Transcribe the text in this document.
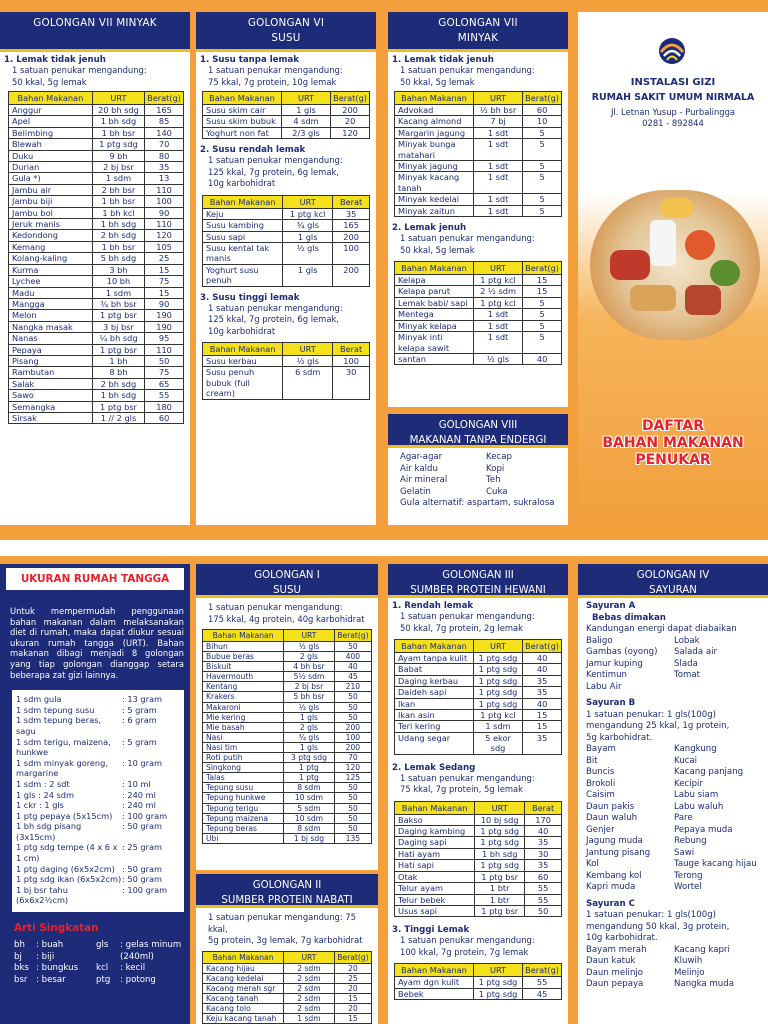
GOLONGAN VII MINYAK
1. Lemak tidak jenuh
1 satuan penukar mengandung:
50 kkal, 5g lemak
Bahan Makanan	URT	Berat(g)
Anggur	20 bh sdg	165
Apel	1 bh sdg	85
Belimbing	1 bh bsr	140
Blewah	1 ptg sdg	70
Duku	9 bh	80
Durian	2 bj bsr	35
Gula *)	1 sdm	13
Jambu air	2 bh bsr	110
Jambu biji	1 bh bsr	100
Jambu bol	1 bh kcl	90
Jeruk manis	1 bh sdg	110
Kedondong	2 bh sdg	120
Kemang	1 bh bsr	105
Kolang-kaling	5 bh sdg	25
Kurma	3 bh	15
Lychee	10 bh	75
Madu	1 sdm	15
Mangga	¾ bh bsr	90
Melon	1 ptg bsr	190
Nangka masak	3 bj bsr	190
Nanas	¼ bh sdg	95
Pepaya	1 ptg bsr	110
Pisang	1 bh	50
Rambutan	8 bh	75
Salak	2 bh sdg	65
Sawo	1 bh sdg	55
Semangka	1 ptg bsr	180
Sirsak	1 // 2 gls	60
GOLONGAN VI SUSU
1. Susu tanpa lemak
1 satuan penukar mengandung:
75 kkal, 7g protein, 10g lemak
Bahan Makanan	URT	Berat(g)
Susu skim cair	1 gls	200
Susu skim bubuk	4 sdm	20
Yoghurt non fat	2/3 gls	120
2. Susu rendah lemak
1 satuan penukar mengandung:
125 kkal, 7g protein, 6g lemak,
10g karbohidrat
Bahan Makanan	URT	Berat
Keju	1 ptg kcl	35
Susu kambing	¾ gls	165
Susu sapi	1 gls	200
Susu kental tak manis	½ gls	100
Yoghurt susu penuh	1 gls	200
3. Susu tinggi lemak
1 satuan penukar mengandung:
125 kkal, 7g protein, 6g lemak,
10g karbohidrat
Bahan Makanan	URT	Berat
Susu kerbau	½ gls	100
Susu penuh bubuk (full cream)	6 sdm	30
GOLONGAN VII MINYAK
1. Lemak tidak jenuh
1 satuan penukar mengandung:
50 kkal, 5g lemak
Bahan Makanan	URT	Berat(g)
Advokad	½ bh bsr	60
Kacang almond	7 bj	10
Margarin jagung	1 sdt	5
Minyak bunga matahari	1 sdt	5
Minyak jagung	1 sdt	5
Minyak kacang tanah	1 sdt	5
Minyak kedelai	1 sdt	5
Minyak zaitun	1 sdt	5
2. Lemak jenuh
1 satuan penukar mengandung:
50 kkal, 5g lemak
Bahan Makanan	URT	Berat(g)
Kelapa	1 ptg kcl	15
Kelapa parut	2 ½ sdm	15
Lemak babi/ sapi	1 ptg kcl	5
Mentega	1 sdt	5
Minyak kelapa	1 sdt	5
Minyak inti kelapa sawit	1 sdt	5
santan	½ gls	40
GOLONGAN VIII
MAKANAN TANPA ENDERGI
Agar-agar
Air kaldu
Air mineral
Gelatin
Kecap
Kopi
Teh
Cuka
Gula alternatif: aspartam, sukralosa
INSTALASI GIZI
RUMAH SAKIT UMUM NIRMALA
Jl. Letnan Yusup - Purbalingga
0281 - 892844
DAFTAR
BAHAN MAKANAN
PENUKAR
UKURAN RUMAH TANGGA
Untuk mempermudah penggunaan bahan makanan dalam melaksanakan diet di rumah, maka dapat diukur sesuai ukuran rumah tangga (URT). Bahan makanan dibagi menjadi 8 golongan yang tiap golongan dianggap setara beberapa zat gizi lainnya.
1 sdm gula	: 13 gram
1 sdm tepung susu	: 5 gram
1 sdm tepung beras, sagu
: 6 gram
1 sdm terigu, maizena, hunkwe
: 5 gram
1 sdm minyak goreng, margarine
: 10 gram
1 sdm : 2 sdt	: 10 ml
1 gls : 24 sdm	: 240 ml
1 ckr : 1 gls	: 240 ml
1 ptg pepaya (5x15cm)	: 100 gram
1 bh sdg pisang (3x15cm)
: 50 gram
1 ptg sdg tempe (4 x 6 x 1 cm)
: 25 gram
1 ptg daging (6x5x2cm) : 50 gram
1 ptg sdg ikan (6x5x2cm) : 50 gram
1 bj bsr tahu (6x6x2½cm)
: 100 gram
Arti Singkatan
bh	: buah	gls	: gelas minum
bj	: biji	(240ml)
bks : bungkus	kcl	: kecil
bsr : besar	ptg	: potong
GOLONGAN I
SUSU
1 satuan penukar mengandung:
175 kkal, 4g protein, 40g karbohidrat
Bahan Makanan	URT	Berat(g)
Bihun	½ gls	50
Bubue beras	2 gls	400
Biskuit	4 bh bsr	40
Havermouth	5½ sdm	45
Kentang	2 bj bsr	210
Krakers	5 bh bsr	50
Makaroni	½ gls	50
Mie kering	1 gls	50
Mie basah	2 gls	200
Nasi	¾ gls	100
Nasi tim	1 gls	200
Roti putih	3 ptg sdg	70
Singkong	1 ptg	120
Talas	1 ptg	125
Tepung susu	8 sdm	50
Tepung hunkwe	10 sdm	50
Tepung terigu	5 sdm	50
Tepung maizena	10 sdm	50
Tepung beras	8 sdm	50
Ubi	1 bj sdg	135
GOLONGAN II
SUMBER PROTEIN NABATI
1 satuan penukar mengandung: 75 kkal,
5g protein, 3g lemak, 7g karbohidrat
Bahan Makanan	URT	Berat(g)
Kacang hijau	2 sdm	20
Kacang kedelai	2 sdm	25
Kacang merah sgr	2 sdm	20
Kacang tanah	2 sdm	15
Kacang tolo	2 sdm	20
Keju kacang tanah	1 sdm	15
GOLONGAN III
SUMBER PROTEIN HEWANI
1. Rendah lemak
1 satuan penukar mengandung:
50 kkal, 7g protein, 2g lemak
Bahan Makanan	URT	Berat(g)
Ayam tanpa kulit	1 ptg sdg	40
Babat	1 ptg sdg	40
Daging kerbau	1 ptg sdg	35
Daideh sapi	1 ptg sdg	35
Ikan	1 ptg sdg	40
Ikan asin	1 ptg kcl	15
Teri kering	1 sdm	15
Udang segar	5 ekor sdg	35
2. Lemak Sedang
1 satuan penukar mengandung:
75 kkal, 7g protein, 5g lemak
Bahan Makanan	URT	Berat
Bakso	10 bj sdg	170
Daging kambing	1 ptg sdg	40
Daging sapi	1 ptg sdg	35
Hati ayam	1 bh sdg	30
Hati sapi	1 ptg sdg	35
Otak	1 ptg bsr	60
Telur ayam	1 btr	55
Telur bebek	1 btr	55
Usus sapi	1 ptg bsr	50
3. Tinggi Lemak
1 satuan penukar mengandung:
100 kkal, 7g protein, 7g lemak
Bahan Makanan	URT	Berat(g)
Ayam dgn kulit	1 ptg sdg	55
Bebek	1 ptg sdg	45
GOLONGAN IV
SAYURAN
Sayuran A
Bebas dimakan
Kandungan energi dapat diabaikan
Baligo
Gambas (oyong)
Jamur kuping
Kentimun
Labu Air
Lobak
Salada air
Slada
Tomat
Sayuran B
1 satuan penukar: 1 gls(100g)
mengandung 25 kkal, 1g protein,
5g karbohidrat.
Bayam
Bit
Buncis
Brokoli
Caisim
Daun pakis
Daun waluh
Genjer
Jagung muda
Jantung pisang
Kol
Kembang kol
Kapri muda
Kangkung
Kucai
Kacang panjang
Kecipir
Labu siam
Labu waluh
Pare
Pepaya muda
Rebung
Sawi
Tauge kacang hijau
Terong
Wortel
Sayuran C
1 satuan penukar: 1 gls(100g)
mengandung 50 kkal, 3g protein,
10g karbohidrat.
Bayam merah
Daun katuk
Daun melinjo
Daun pepaya
Kacang kapri
Kluwih
Melinjo
Nangka muda
